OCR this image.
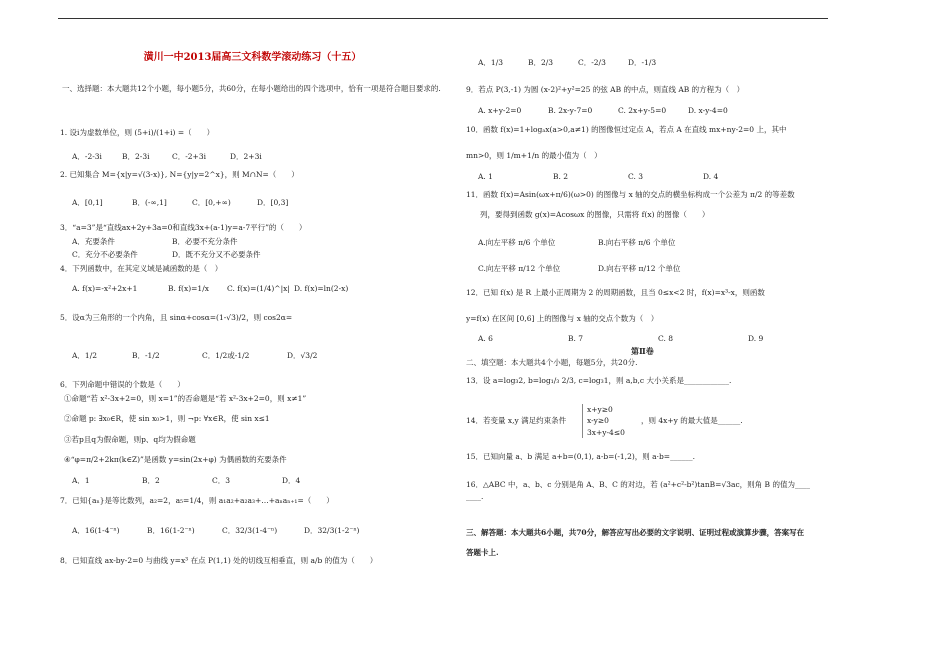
潢川一中2013届高三文科数学滚动练习（十五）
一、选择题：本大题共12个小题，每小题5分，共60分，在每小题给出的四个选项中，恰有一项是符合题目要求的.
1. 设i为虚数单位，则 (5+i)/(1+i) =（　　）
A．-2-3i	B．2-3i	C．-2+3i	D．2+3i
2. 已知集合 M={x|y=√(3-x)}, N={y|y=2^x}，则 M∩N=（　　）
A．[0,1]	B．(-∞,1]	C．[0,+∞)	D．[0,3]
3．“a=3”是“直线ax+2y+3a=0和直线3x+(a-1)y=a-7平行”的（　　）
A．充要条件	B．必要不充分条件
C．充分不必要条件	D．既不充分又不必要条件
4．下列函数中，在其定义域是减函数的是（　）
A. f(x)=-x²+2x+1	B. f(x)=1/x C. f(x)=(1/4)^|x| D. f(x)=ln(2-x)
5．设α为三角形的一个内角，且 sinα+cosα=(1-√3)/2，则 cos2α=
A．1/2	B．-1/2	C．1/2或-1/2	D．√3/2
6．下列命题中错误的个数是（　　）
①命题“若 x²-3x+2=0，则 x=1”的否命题是“若 x²-3x+2=0，则 x≠1”
②命题 p: ∃x₀∈R，使 sin x₀>1，则 ¬p: ∀x∈R，使 sin x≤1
③若p且q为假命题，则p、q均为假命题
④“φ=π/2+2kπ(k∈Z)”是函数 y=sin(2x+φ) 为偶函数的充要条件
A．1	B．2	C．3	D．4
7．已知{aₙ}是等比数列，a₂=2，a₅=1/4，则 a₁a₂+a₂a₃+…+aₙaₙ₊₁=（　　）
A．16(1-4⁻ⁿ)	B．16(1-2⁻ⁿ)	C．32/3(1-4⁻ⁿ)	D．32/3(1-2⁻ⁿ)
8．已知直线 ax-by-2=0 与曲线 y=x³ 在点 P(1,1) 处的切线互相垂直，则 a/b 的值为（　　）
A．1/3	B．2/3	C．-2/3	D．-1/3
9．若点 P(3,-1) 为圆 (x-2)²+y²=25 的弦 AB 的中点，则直线 AB 的方程为（　）
A. x+y-2=0	B. 2x-y-7=0	C. 2x+y-5=0	D. x-y-4=0
10．函数 f(x)=1+logₐx(a>0,a≠1) 的图像恒过定点 A，若点 A 在直线 mx+ny-2=0 上，其中
mn>0，则 1/m+1/n 的最小值为（　）
A. 1	B. 2	C. 3	D. 4
11．函数 f(x)=Asin(ωx+π/6)(ω>0) 的图像与 x 轴的交点的横坐标构成一个公差为 π/2 的等差数
列，要得到函数 g(x)=Acosωx 的图像，只需将 f(x) 的图像（　　）
A.向左平移 π/6 个单位	B.向右平移 π/6 个单位
C.向左平移 π/12 个单位	D.向右平移 π/12 个单位
12．已知 f(x) 是 R 上最小正周期为 2 的周期函数，且当 0≤x<2 时，f(x)=x³-x，则函数
y=f(x) 在区间 [0,6] 上的图像与 x 轴的交点个数为（　）
A. 6	B. 7	C. 8	D. 9
第Ⅱ卷
二、填空题：本大题共4个小题，每题5分，共20分.
13．设 a=log₃2, b=log₁/₃ 2/3, c=log₃1，则 a,b,c 大小关系是____________.
14．若变量 x,y 满足约束条件
x+y≥0
x-y≥0
3x+y-4≤0
，则 4x+y 的最大值是______.
15．已知向量 a、b 满足 a+b=(0,1), a-b=(-1,2)，则 a·b=______.
16．△ABC 中，a、b、c 分别是角 A、B、C 的对边，若 (a²+c²-b²)tanB=√3ac，则角 B 的值为____
____.
三、解答题：本大题共6小题，共70分，解答应写出必要的文字说明、证明过程或演算步骤，答案写在
答题卡上.
